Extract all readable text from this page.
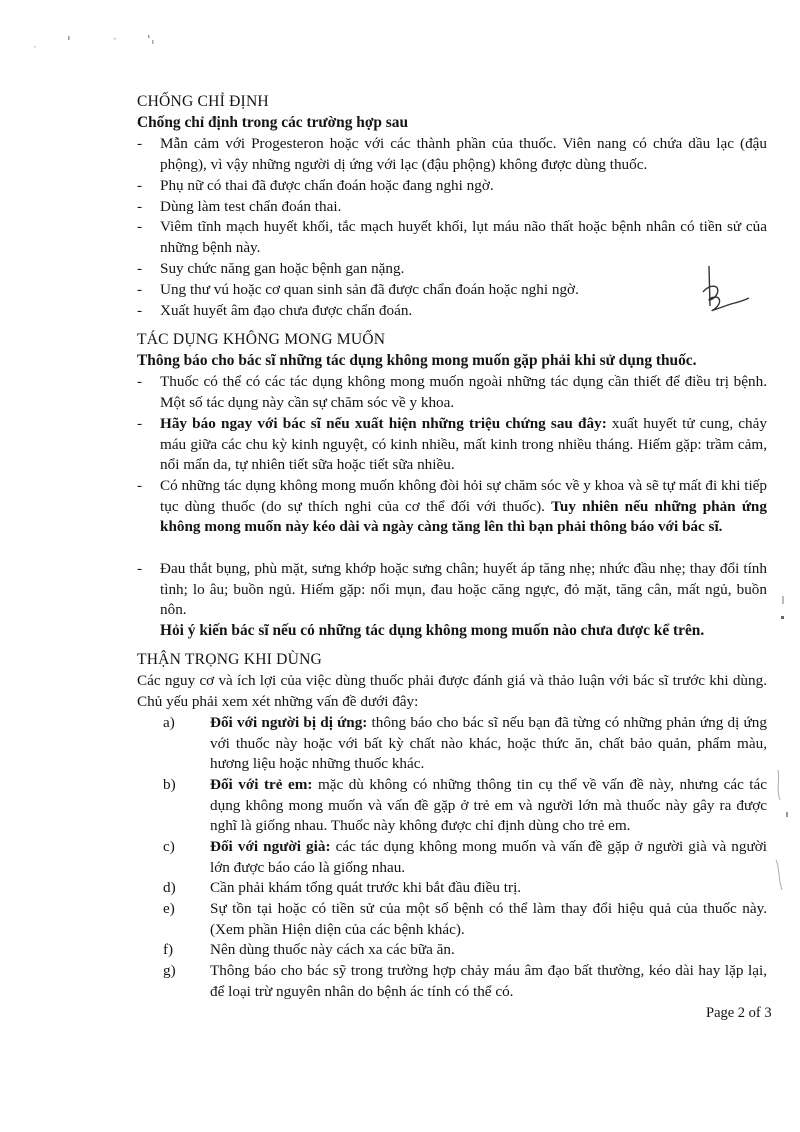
CHỐNG CHỈ ĐỊNH
Chống chỉ định trong các trường hợp sau
- Mẫn cảm với Progesteron hoặc với các thành phần của thuốc. Viên nang có chứa dầu lạc (đậu phộng), vì vậy những người dị ứng với lạc (đậu phộng) không được dùng thuốc.
- Phụ nữ có thai đã được chẩn đoán hoặc đang nghi ngờ.
- Dùng làm test chẩn đoán thai.
- Viêm tĩnh mạch huyết khối, tắc mạch huyết khối, lụt máu não thất hoặc bệnh nhân có tiền sử của những bệnh này.
- Suy chức năng gan hoặc bệnh gan nặng.
- Ung thư vú hoặc cơ quan sinh sản đã được chẩn đoán hoặc nghi ngờ.
- Xuất huyết âm đạo chưa được chẩn đoán.
TÁC DỤNG KHÔNG MONG MUỐN
Thông báo cho bác sĩ những tác dụng không mong muốn gặp phải khi sử dụng thuốc.
- Thuốc có thể có các tác dụng không mong muốn ngoài những tác dụng cần thiết để điều trị bệnh. Một số tác dụng này cần sự chăm sóc về y khoa.
- Hãy báo ngay với bác sĩ nếu xuất hiện những triệu chứng sau đây: xuất huyết tử cung, chảy máu giữa các chu kỳ kinh nguyệt, có kinh nhiều, mất kinh trong nhiều tháng. Hiếm gặp: trầm cảm, nổi mẩn da, tự nhiên tiết sữa hoặc tiết sữa nhiều.
- Có những tác dụng không mong muốn không đòi hỏi sự chăm sóc về y khoa và sẽ tự mất đi khi tiếp tục dùng thuốc (do sự thích nghi của cơ thể đối với thuốc). Tuy nhiên nếu những phản ứng không mong muốn này kéo dài và ngày càng tăng lên thì bạn phải thông báo với bác sĩ.
- Đau thắt bụng, phù mặt, sưng khớp hoặc sưng chân; huyết áp tăng nhẹ; nhức đầu nhẹ; thay đổi tính tình; lo âu; buồn ngủ. Hiếm gặp: nổi mụn, đau hoặc căng ngực, đỏ mặt, tăng cân, mất ngủ, buồn nôn.
Hỏi ý kiến bác sĩ nếu có những tác dụng không mong muốn nào chưa được kể trên.
THẬN TRỌNG KHI DÙNG
Các nguy cơ và ích lợi của việc dùng thuốc phải được đánh giá và thảo luận với bác sĩ trước khi dùng. Chủ yếu phải xem xét những vấn đề dưới đây:
a) Đối với người bị dị ứng: thông báo cho bác sĩ nếu bạn đã từng có những phản ứng dị ứng với thuốc này hoặc với bất kỳ chất nào khác, hoặc thức ăn, chất bảo quản, phẩm màu, hương liệu hoặc những thuốc khác.
b) Đối với trẻ em: mặc dù không có những thông tin cụ thể về vấn đề này, nhưng các tác dụng không mong muốn và vấn đề gặp ở trẻ em và người lớn mà thuốc này gây ra được nghĩ là giống nhau. Thuốc này không được chỉ định dùng cho trẻ em.
c) Đối với người già: các tác dụng không mong muốn và vấn đề gặp ở người già và người lớn được báo cáo là giống nhau.
d) Cần phải khám tổng quát trước khi bắt đầu điều trị.
e) Sự tồn tại hoặc có tiền sử của một số bệnh có thể làm thay đổi hiệu quả của thuốc này. (Xem phần Hiện diện của các bệnh khác).
f) Nên dùng thuốc này cách xa các bữa ăn.
g) Thông báo cho bác sỹ trong trường hợp chảy máu âm đạo bất thường, kéo dài hay lặp lại, để loại trừ nguyên nhân do bệnh ác tính có thể có.
Page 2 of 3
